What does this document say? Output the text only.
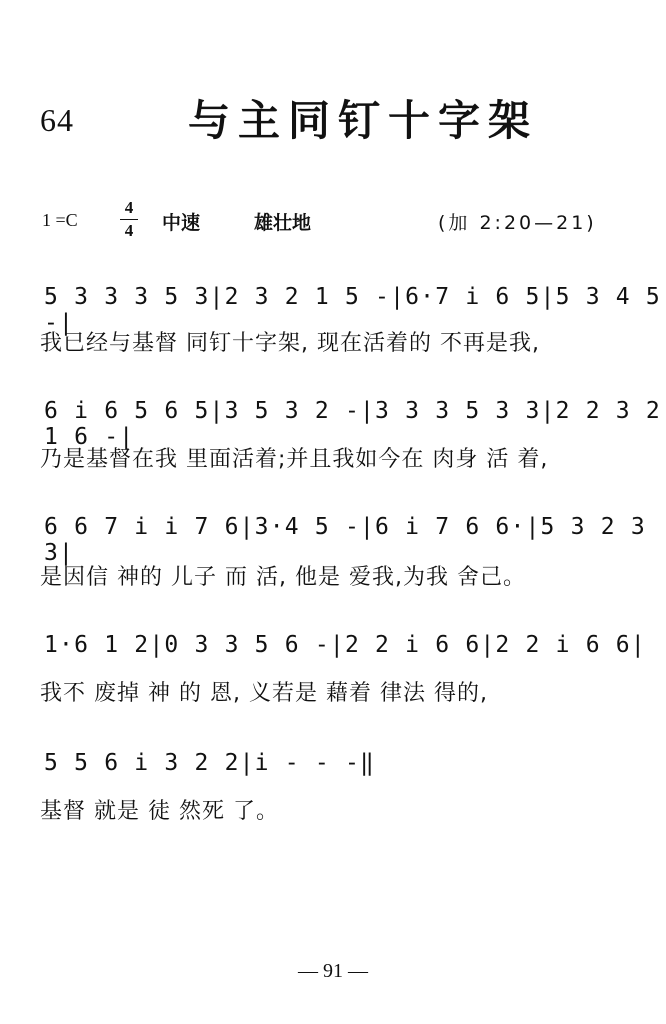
64	与主同钉十字架
1 =C
4
4 中速	雄壮地	(加 2:20—21)
5 3 3 3 5 3|2 3 2 1 5 -|6·7 i 6 5|5 3 4 5 -|
我已经与基督 同钉十字架, 现在活着的 不再是我,
6 i 6 5 6 5|3 5 3 2 -|3 3 3 5 3 3|2 2 3 2 1 6 -|
乃是基督在我 里面活着;并且我如今在 肉身 活 着,
6 6 7 i i 7 6|3·4 5 -|6 i 7 6 6·|5 3 2 3 3|
是因信 神的 儿子 而 活, 他是 爱我,为我 舍己。
1·6 1 2|0 3 3 5 6 -|2 2 i 6 6|2 2 i 6 6|
我不 废掉 神 的 恩, 义若是 藉着 律法 得的,
5 5 6 i 3 2 2|i - - -‖
基督 就是 徒 然死 了。
— 91 —
